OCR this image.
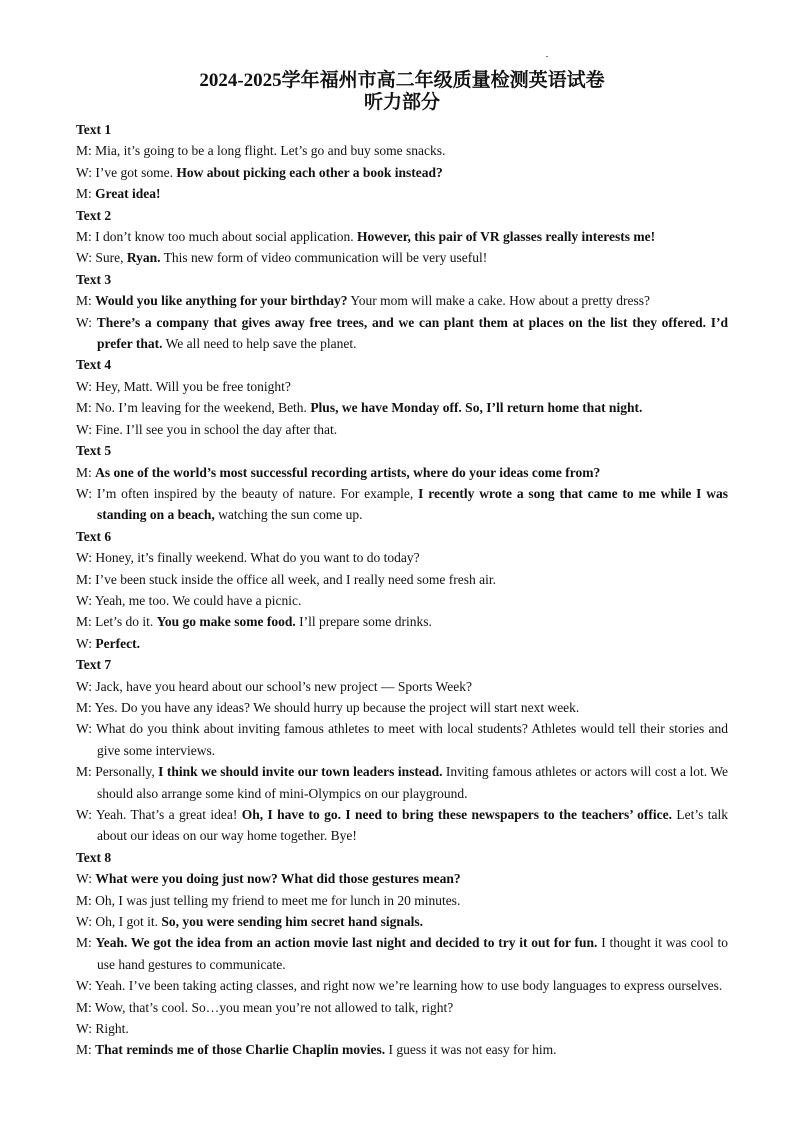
2024-2025学年福州市高二年级质量检测英语试卷
听力部分
Text 1
M: Mia, it’s going to be a long flight. Let’s go and buy some snacks.
W: I’ve got some. How about picking each other a book instead?
M: Great idea!
Text 2
M: I don’t know too much about social application. However, this pair of VR glasses really interests me!
W: Sure, Ryan. This new form of video communication will be very useful!
Text 3
M: Would you like anything for your birthday? Your mom will make a cake. How about a pretty dress?
W: There’s a company that gives away free trees, and we can plant them at places on the list they offered. I’d prefer that. We all need to help save the planet.
Text 4
W: Hey, Matt. Will you be free tonight?
M: No. I’m leaving for the weekend, Beth. Plus, we have Monday off. So, I’ll return home that night.
W: Fine. I’ll see you in school the day after that.
Text 5
M: As one of the world’s most successful recording artists, where do your ideas come from?
W: I’m often inspired by the beauty of nature. For example, I recently wrote a song that came to me while I was standing on a beach, watching the sun come up.
Text 6
W: Honey, it’s finally weekend. What do you want to do today?
M: I’ve been stuck inside the office all week, and I really need some fresh air.
W: Yeah, me too. We could have a picnic.
M: Let’s do it. You go make some food. I’ll prepare some drinks.
W: Perfect.
Text 7
W: Jack, have you heard about our school’s new project — Sports Week?
M: Yes. Do you have any ideas? We should hurry up because the project will start next week.
W: What do you think about inviting famous athletes to meet with local students? Athletes would tell their stories and give some interviews.
M: Personally, I think we should invite our town leaders instead. Inviting famous athletes or actors will cost a lot. We should also arrange some kind of mini-Olympics on our playground.
W: Yeah. That’s a great idea! Oh, I have to go. I need to bring these newspapers to the teachers’ office. Let’s talk about our ideas on our way home together. Bye!
Text 8
W: What were you doing just now? What did those gestures mean?
M: Oh, I was just telling my friend to meet me for lunch in 20 minutes.
W: Oh, I got it. So, you were sending him secret hand signals.
M: Yeah. We got the idea from an action movie last night and decided to try it out for fun. I thought it was cool to use hand gestures to communicate.
W: Yeah. I’ve been taking acting classes, and right now we’re learning how to use body languages to express ourselves.
M: Wow, that’s cool. So…you mean you’re not allowed to talk, right?
W: Right.
M: That reminds me of those Charlie Chaplin movies. I guess it was not easy for him.
